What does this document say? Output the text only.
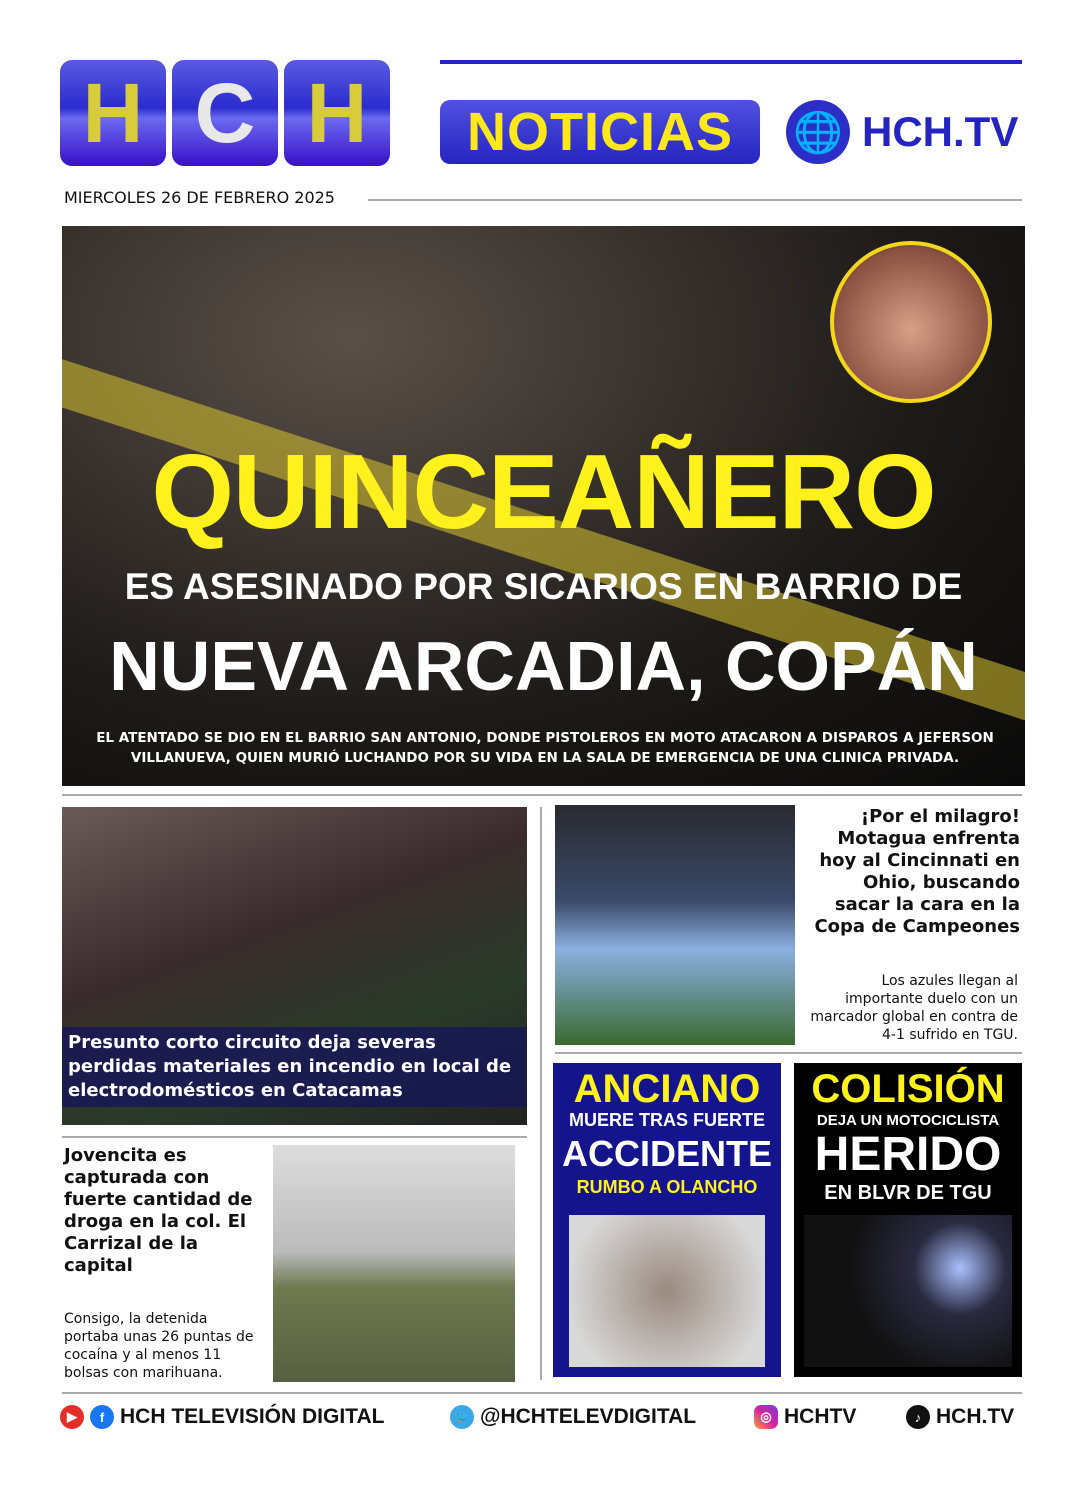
H C H	NOTICIAS	🌐 HCH.TV
MIERCOLES 26 DE FEBRERO 2025
QUINCEAÑERO
ES ASESINADO POR SICARIOS EN BARRIO DE
NUEVA ARCADIA, COPÁN
EL ATENTADO SE DIO EN EL BARRIO SAN ANTONIO, DONDE PISTOLEROS EN MOTO ATACARON A DISPAROS A JEFERSON VILLANUEVA, QUIEN MURIÓ LUCHANDO POR SU VIDA EN LA SALA DE EMERGENCIA DE UNA CLINICA PRIVADA.
Presunto corto circuito deja severas perdidas materiales en incendio en local de electrodomésticos en Catacamas
¡Por el milagro! Motagua enfrenta hoy al Cincinnati en Ohio, buscando sacar la cara en la Copa de Campeones
Los azules llegan al importante duelo con un marcador global en contra de 4-1 sufrido en TGU.
ANCIANO
MUERE TRAS FUERTE
ACCIDENTE
RUMBO A OLANCHO
COLISIÓN
DEJA UN MOTOCICLISTA
HERIDO
EN BLVR DE TGU
Jovencita es capturada con fuerte cantidad de droga en la col. El Carrizal de la capital
Consigo, la detenida portaba unas 26 puntas de cocaína y al menos 11 bolsas con marihuana.
▶	f HCH TELEVISIÓN DIGITAL	🐦 @HCHTELEVDIGITAL	◎ HCHTV	♪ HCH.TV
